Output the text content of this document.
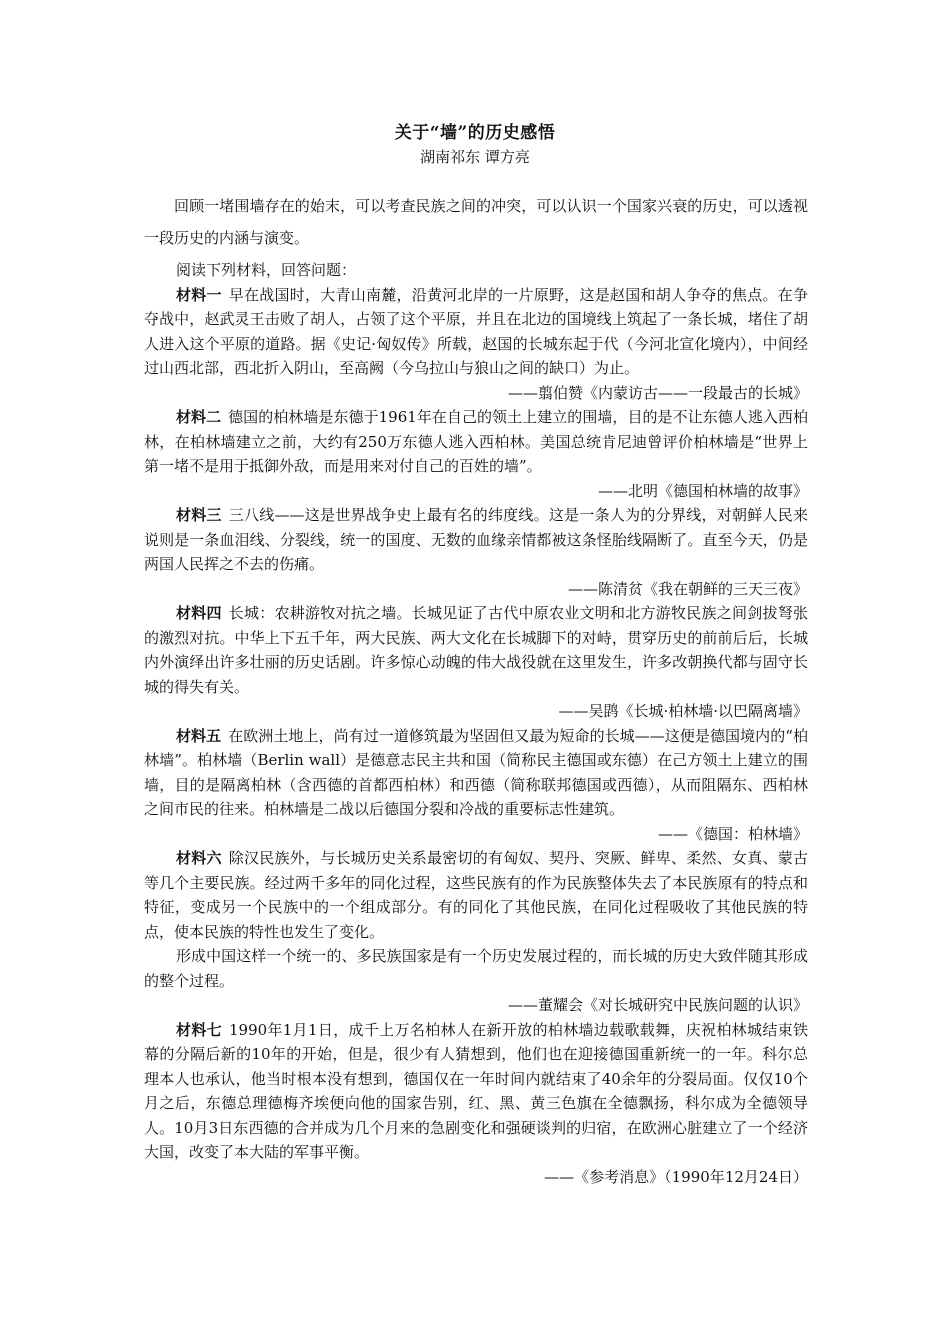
关于“墙”的历史感悟
湖南祁东 谭方亮
回顾一堵围墙存在的始末，可以考查民族之间的冲突，可以认识一个国家兴衰的历史，可以透视一段历史的内涵与演变。

阅读下列材料，回答问题：

材料一 早在战国时，大青山南麓，沿黄河北岸的一片原野，这是赵国和胡人争夺的焦点。在争夺战中，赵武灵王击败了胡人，占领了这个平原，并且在北边的国境线上筑起了一条长城，堵住了胡人进入这个平原的道路。据《史记·匈奴传》所载，赵国的长城东起于代（今河北宣化境内），中间经过山西北部，西北折入阴山，至高阙（今乌拉山与狼山之间的缺口）为止。

——翦伯赞《内蒙访古——一段最古的长城》

材料二 德国的柏林墙是东德于1961年在自己的领土上建立的围墙，目的是不让东德人逃入西柏林，在柏林墙建立之前，大约有250万东德人逃入西柏林。美国总统肯尼迪曾评价柏林墙是“世界上第一堵不是用于抵御外敌，而是用来对付自己的百姓的墙”。

——北明《德国柏林墙的故事》

材料三 三八线——这是世界战争史上最有名的纬度线。这是一条人为的分界线，对朝鲜人民来说则是一条血泪线、分裂线，统一的国度、无数的血缘亲情都被这条怪胎线隔断了。直至今天，仍是两国人民挥之不去的伤痛。

——陈清贫《我在朝鲜的三天三夜》

材料四 长城：农耕游牧对抗之墙。长城见证了古代中原农业文明和北方游牧民族之间剑拔弩张的激烈对抗。中华上下五千年，两大民族、两大文化在长城脚下的对峙，贯穿历史的前前后后，长城内外演绎出许多壮丽的历史话剧。许多惊心动魄的伟大战役就在这里发生，许多改朝换代都与固守长城的得失有关。

——吴鹍《长城·柏林墙·以巴隔离墙》

材料五 在欧洲土地上，尚有过一道修筑最为坚固但又最为短命的长城——这便是德国境内的“柏林墙”。柏林墙（Berlin wall）是德意志民主共和国（简称民主德国或东德）在己方领土上建立的围墙，目的是隔离柏林（含西德的首都西柏林）和西德（简称联邦德国或西德），从而阻隔东、西柏林之间市民的往来。柏林墙是二战以后德国分裂和冷战的重要标志性建筑。

——《德国：柏林墙》

材料六 除汉民族外，与长城历史关系最密切的有匈奴、契丹、突厥、鲜卑、柔然、女真、蒙古等几个主要民族。经过两千多年的同化过程，这些民族有的作为民族整体失去了本民族原有的特点和特征，变成另一个民族中的一个组成部分。有的同化了其他民族，在同化过程吸收了其他民族的特点，使本民族的特性也发生了变化。

形成中国这样一个统一的、多民族国家是有一个历史发展过程的，而长城的历史大致伴随其形成的整个过程。

——董耀会《对长城研究中民族问题的认识》

材料七 1990年1月1日，成千上万名柏林人在新开放的柏林墙边载歌载舞，庆祝柏林城结束铁幕的分隔后新的10年的开始，但是，很少有人猜想到，他们也在迎接德国重新统一的一年。科尔总理本人也承认，他当时根本没有想到，德国仅在一年时间内就结束了40余年的分裂局面。仅仅10个月之后，东德总理德梅齐埃便向他的国家告别，红、黑、黄三色旗在全德飘扬，科尔成为全德领导人。10月3日东西德的合并成为几个月来的急剧变化和强硬谈判的归宿，在欧洲心脏建立了一个经济大国，改变了本大陆的军事平衡。

——《参考消息》（1990年12月24日）
